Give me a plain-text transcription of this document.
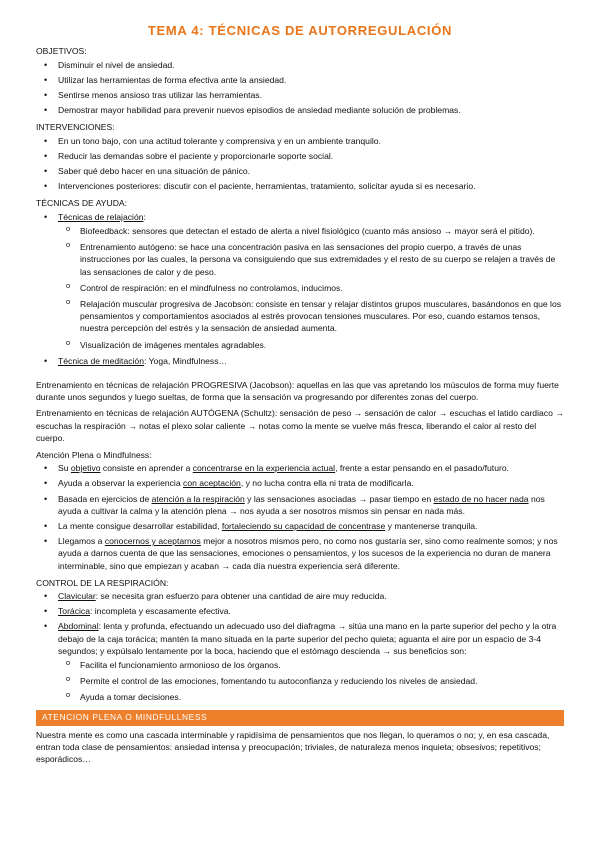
TEMA 4: TÉCNICAS DE AUTORREGULACIÓN
OBJETIVOS:
• Disminuir el nivel de ansiedad.
• Utilizar las herramientas de forma efectiva ante la ansiedad.
• Sentirse menos ansioso tras utilizar las herramientas.
• Demostrar mayor habilidad para prevenir nuevos episodios de ansiedad mediante solución de problemas.
INTERVENCIONES:
• En un tono bajo, con una actitud tolerante y comprensiva y en un ambiente tranquilo.
• Reducir las demandas sobre el paciente y proporcionarle soporte social.
• Saber qué debo hacer en una situación de pánico.
• Intervenciones posteriores: discutir con el paciente, herramientas, tratamiento, solicitar ayuda si es necesario.
TÉCNICAS DE AYUDA:
• Técnicas de relajación:
o Biofeedback: sensores que detectan el estado de alerta a nivel fisiológico (cuanto más ansioso → mayor será el pitido).
o Entrenamiento autógeno: se hace una concentración pasiva en las sensaciones del propio cuerpo, a través de unas instrucciones por las cuales, la persona va consiguiendo que sus extremidades y el resto de su cuerpo se relajen a través de las sensaciones de calor y de peso.
o Control de respiración: en el mindfulness no controlamos, inducimos.
o Relajación muscular progresiva de Jacobson: consiste en tensar y relajar distintos grupos musculares, basándonos en que los pensamientos y comportamientos asociados al estrés provocan tensiones musculares. Por eso, cuando estamos tensos, nuestra percepción del estrés y la sensación de ansiedad aumenta.
o Visualización de imágenes mentales agradables.
• Técnica de meditación: Yoga, Mindfulness…

Entrenamiento en técnicas de relajación PROGRESIVA (Jacobson): aquellas en las que vas apretando los músculos de forma muy fuerte durante unos segundos y luego sueltas, de forma que la sensación va progresando por diferentes zonas del cuerpo.

Entrenamiento en técnicas de relajación AUTÓGENA (Schultz): sensación de peso → sensación de calor → escuchas el latido cardiaco → escuchas la respiración → notas el plexo solar caliente → notas como la mente se vuelve más fresca, liberando el calor al resto del cuerpo.

Atención Plena o Mindfulness:
• Su objetivo consiste en aprender a concentrarse en la experiencia actual, frente a estar pensando en el pasado/futuro.
• Ayuda a observar la experiencia con aceptación, y no lucha contra ella ni trata de modificarla.
• Basada en ejercicios de atención a la respiración y las sensaciones asociadas → pasar tiempo en estado de no hacer nada nos ayuda a cultivar la calma y la atención plena → nos ayuda a ser nosotros mismos sin pensar en nada más.
• La mente consigue desarrollar estabilidad, fortaleciendo su capacidad de concentrase y mantenerse tranquila.
• Llegamos a conocernos y aceptarnos mejor a nosotros mismos pero, no como nos gustaría ser, sino como realmente somos; y nos ayuda a darnos cuenta de que las sensaciones, emociones o pensamientos, y los sucesos de la experiencia no duran de manera interminable, sino que empiezan y acaban → cada día nuestra experiencia será diferente.
CONTROL DE LA RESPIRACIÓN:
• Clavicular: se necesita gran esfuerzo para obtener una cantidad de aire muy reducida.
• Torácica: incompleta y escasamente efectiva.
• Abdominal: lenta y profunda, efectuando un adecuado uso del diafragma → sitúa una mano en la parte superior del pecho y la otra debajo de la caja torácica; mantén la mano situada en la parte superior del pecho quieta; aguanta el aire por un espacio de 3-4 segundos; y expúlsalo lentamente por la boca, haciendo que el estómago descienda → sus beneficios son:
o Facilita el funcionamiento armonioso de los órganos.
o Permite el control de las emociones, fomentando tu autoconfianza y reduciendo los niveles de ansiedad.
o Ayuda a tomar decisiones.
ATENCION PLENA O MINDFULLNESS

Nuestra mente es como una cascada interminable y rapidísima de pensamientos que nos llegan, lo queramos o no; y, en esa cascada, entran toda clase de pensamientos: ansiedad intensa y preocupación; triviales, de naturaleza menos inquieta; obsesivos; repetitivos; esporádicos…
